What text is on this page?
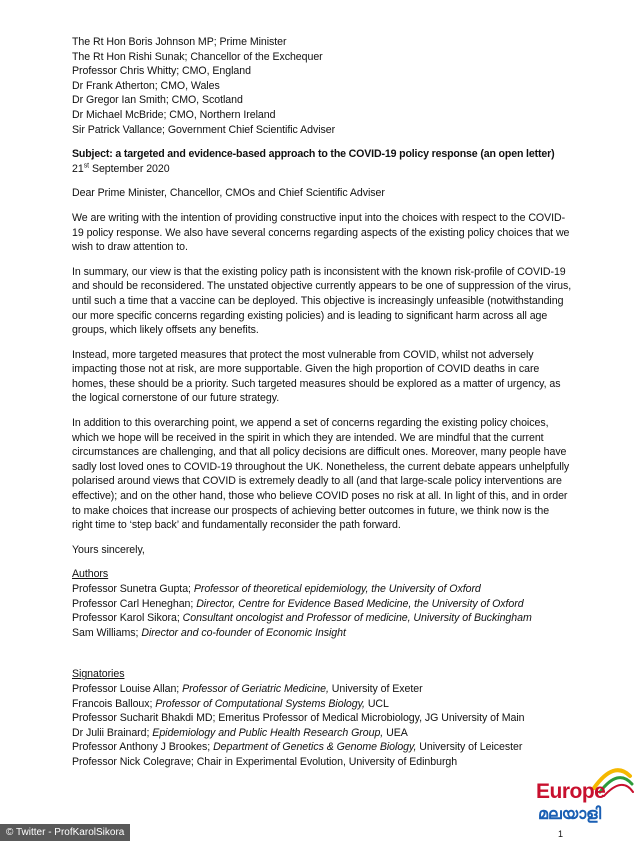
The Rt Hon Boris Johnson MP; Prime Minister
The Rt Hon Rishi Sunak; Chancellor of the Exchequer
Professor Chris Whitty; CMO, England
Dr Frank Atherton; CMO, Wales
Dr Gregor Ian Smith; CMO, Scotland
Dr Michael McBride; CMO, Northern Ireland
Sir Patrick Vallance; Government Chief Scientific Adviser
Subject: a targeted and evidence-based approach to the COVID-19 policy response (an open letter)
21st September 2020
Dear Prime Minister, Chancellor, CMOs and Chief Scientific Adviser
We are writing with the intention of providing constructive input into the choices with respect to the COVID-19 policy response. We also have several concerns regarding aspects of the existing policy choices that we wish to draw attention to.
In summary, our view is that the existing policy path is inconsistent with the known risk-profile of COVID-19 and should be reconsidered. The unstated objective currently appears to be one of suppression of the virus, until such a time that a vaccine can be deployed. This objective is increasingly unfeasible (notwithstanding our more specific concerns regarding existing policies) and is leading to significant harm across all age groups, which likely offsets any benefits.
Instead, more targeted measures that protect the most vulnerable from COVID, whilst not adversely impacting those not at risk, are more supportable. Given the high proportion of COVID deaths in care homes, these should be a priority. Such targeted measures should be explored as a matter of urgency, as the logical cornerstone of our future strategy.
In addition to this overarching point, we append a set of concerns regarding the existing policy choices, which we hope will be received in the spirit in which they are intended. We are mindful that the current circumstances are challenging, and that all policy decisions are difficult ones. Moreover, many people have sadly lost loved ones to COVID-19 throughout the UK. Nonetheless, the current debate appears unhelpfully polarised around views that COVID is extremely deadly to all (and that large-scale policy interventions are effective); and on the other hand, those who believe COVID poses no risk at all. In light of this, and in order to make choices that increase our prospects of achieving better outcomes in future, we think now is the right time to ‘step back’ and fundamentally reconsider the path forward.
Yours sincerely,
Authors
Professor Sunetra Gupta; Professor of theoretical epidemiology, the University of Oxford
Professor Carl Heneghan; Director, Centre for Evidence Based Medicine, the University of Oxford
Professor Karol Sikora; Consultant oncologist and Professor of medicine, University of Buckingham
Sam Williams; Director and co-founder of Economic Insight
Signatories
Professor Louise Allan; Professor of Geriatric Medicine, University of Exeter
Francois Balloux; Professor of Computational Systems Biology, UCL
Professor Sucharit Bhakdi MD; Emeritus Professor of Medical Microbiology, JG University of Main
Dr Julii Brainard; Epidemiology and Public Health Research Group, UEA
Professor Anthony J Brookes; Department of Genetics & Genome Biology, University of Leicester
Professor Nick Colegrave; Chair in Experimental Evolution, University of Edinburgh
Europe
മലയാളി
1
© Twitter - ProfKarolSikora
